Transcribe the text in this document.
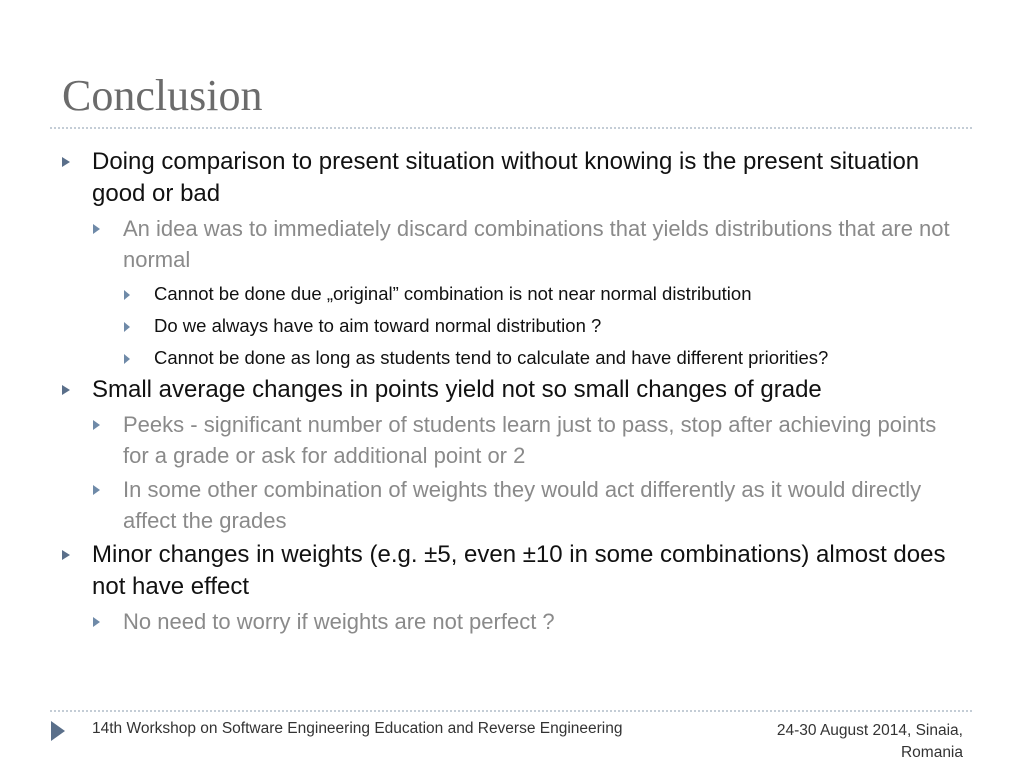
Conclusion
Doing comparison to present situation without knowing is the present situation good or bad
An idea was to immediately discard combinations that yields distributions that are not normal
Cannot be done due „original” combination is not near normal distribution
Do we always have to aim toward normal distribution ?
Cannot be done as long as students tend to calculate and have different priorities?
Small average changes in points yield not so small changes of grade
Peeks - significant number of students learn just to pass, stop after achieving points for a grade or ask for additional point or 2
In some other combination of weights they would act differently as it would directly affect the grades
Minor changes in weights (e.g. ±5, even ±10 in some combinations) almost does not have effect
No need to worry if weights are not perfect ?
14th Workshop on Software Engineering Education and Reverse Engineering	24-30 August 2014, Sinaia, Romania
